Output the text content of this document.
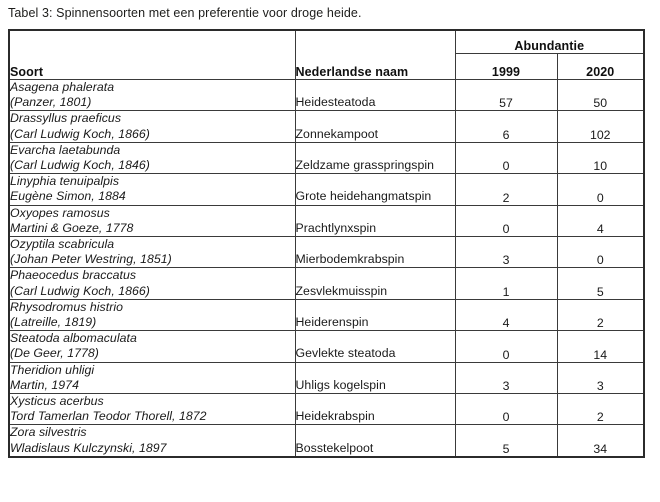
Tabel 3: Spinnensoorten met een preferentie voor droge heide.
Soort	Nederlandse naam	Abundantie	
		1999	2020

Asagena phalerata
(Panzer, 1801)	Heidesteatoda	57	50

Drassyllus praeficus
(Carl Ludwig Koch, 1866)	Zonnekampoot	6	102

Evarcha laetabunda
(Carl Ludwig Koch, 1846)	Zeldzame grasspringspin	0	10

Linyphia tenuipalpis
Eugène Simon, 1884	Grote heidehangmatspin	2	0

Oxyopes ramosus
Martini & Goeze, 1778	Prachtlynxspin	0	4

Ozyptila scabricula
(Johan Peter Westring, 1851)	Mierbodemkrabspin	3	0

Phaeocedus braccatus
(Carl Ludwig Koch, 1866)	Zesvlekmuisspin	1	5

Rhysodromus histrio
(Latreille, 1819)	Heiderenspin	4	2

Steatoda albomaculata
(De Geer, 1778)	Gevlekte steatoda	0	14

Theridion uhligi
Martin, 1974	Uhligs kogelspin	3	3

Xysticus acerbus
Tord Tamerlan Teodor Thorell, 1872	Heidekrabspin	0	2

Zora silvestris
Wladislaus Kulczynski, 1897	Bosstekelpoot	5	34
